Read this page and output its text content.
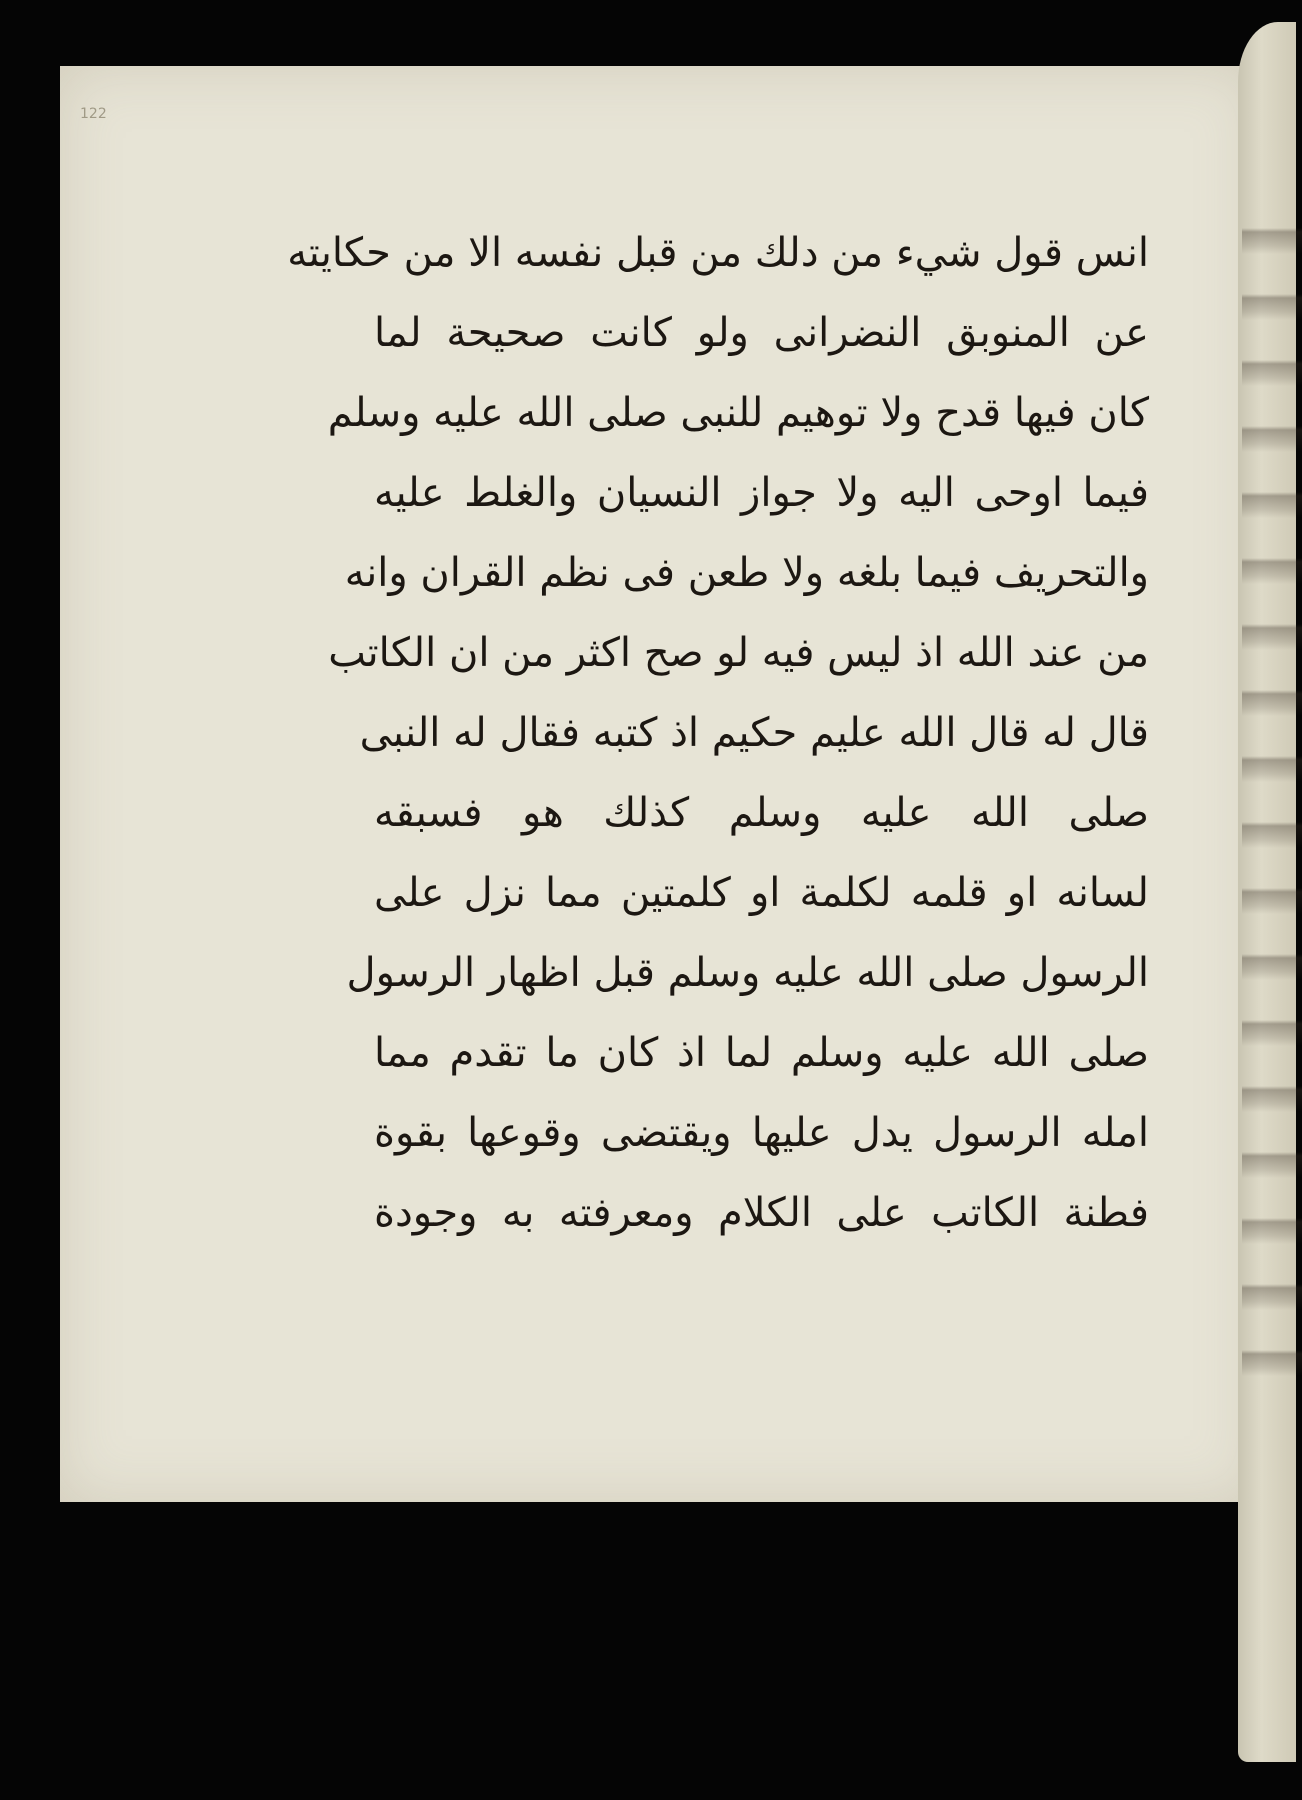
122
انس قول شيء من دلك من قبل نفسه الا من حكايته
عن المنوبق النضرانى ولو كانت صحيحة لما
كان فيها قدح ولا توهيم للنبى صلى الله عليه وسلم
فيما اوحى اليه ولا جواز النسيان والغلط عليه
والتحريف فيما بلغه ولا طعن فى نظم القران وانه
من عند الله اذ ليس فيه لو صح اكثر من ان الكاتب
قال له قال الله عليم حكيم اذ كتبه فقال له النبى
صلى الله عليه وسلم كذلك هو فسبقه
لسانه او قلمه لكلمة او كلمتين مما نزل على
الرسول صلى الله عليه وسلم قبل اظهار الرسول
صلى الله عليه وسلم لما اذ كان ما تقدم مما
امله الرسول يدل عليها ويقتضى وقوعها بقوة
فطنة الكاتب على الكلام ومعرفته به وجودة
